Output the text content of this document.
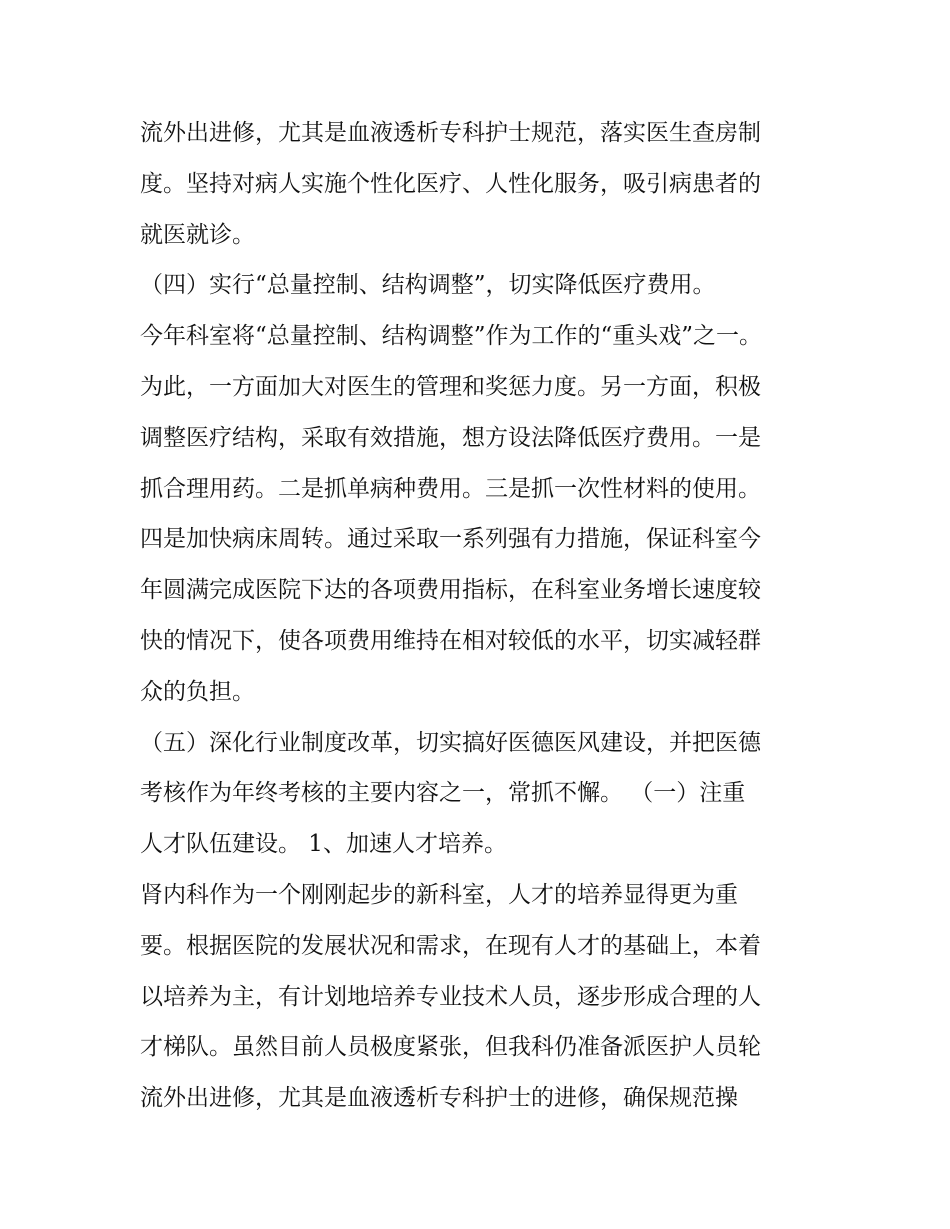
流外出进修，尤其是血液透析专科护士规范，落实医生查房制
度。坚持对病人实施个性化医疗、人性化服务，吸引病患者的
就医就诊。
（四）实行“总量控制、结构调整”，切实降低医疗费用。
今年科室将“总量控制、结构调整”作为工作的“重头戏”之一。
为此，一方面加大对医生的管理和奖惩力度。另一方面，积极
调整医疗结构，采取有效措施，想方设法降低医疗费用。一是
抓合理用药。二是抓单病种费用。三是抓一次性材料的使用。
四是加快病床周转。通过采取一系列强有力措施，保证科室今
年圆满完成医院下达的各项费用指标，在科室业务增长速度较
快的情况下，使各项费用维持在相对较低的水平，切实减轻群
众的负担。
（五）深化行业制度改革，切实搞好医德医风建设，并把医德
考核作为年终考核的主要内容之一，常抓不懈。 （一）注重
人才队伍建设。 1、加速人才培养。
肾内科作为一个刚刚起步的新科室，人才的培养显得更为重
要。根据医院的发展状况和需求，在现有人才的基础上，本着
以培养为主，有计划地培养专业技术人员，逐步形成合理的人
才梯队。虽然目前人员极度紧张，但我科仍准备派医护人员轮
流外出进修，尤其是血液透析专科护士的进修，确保规范操
